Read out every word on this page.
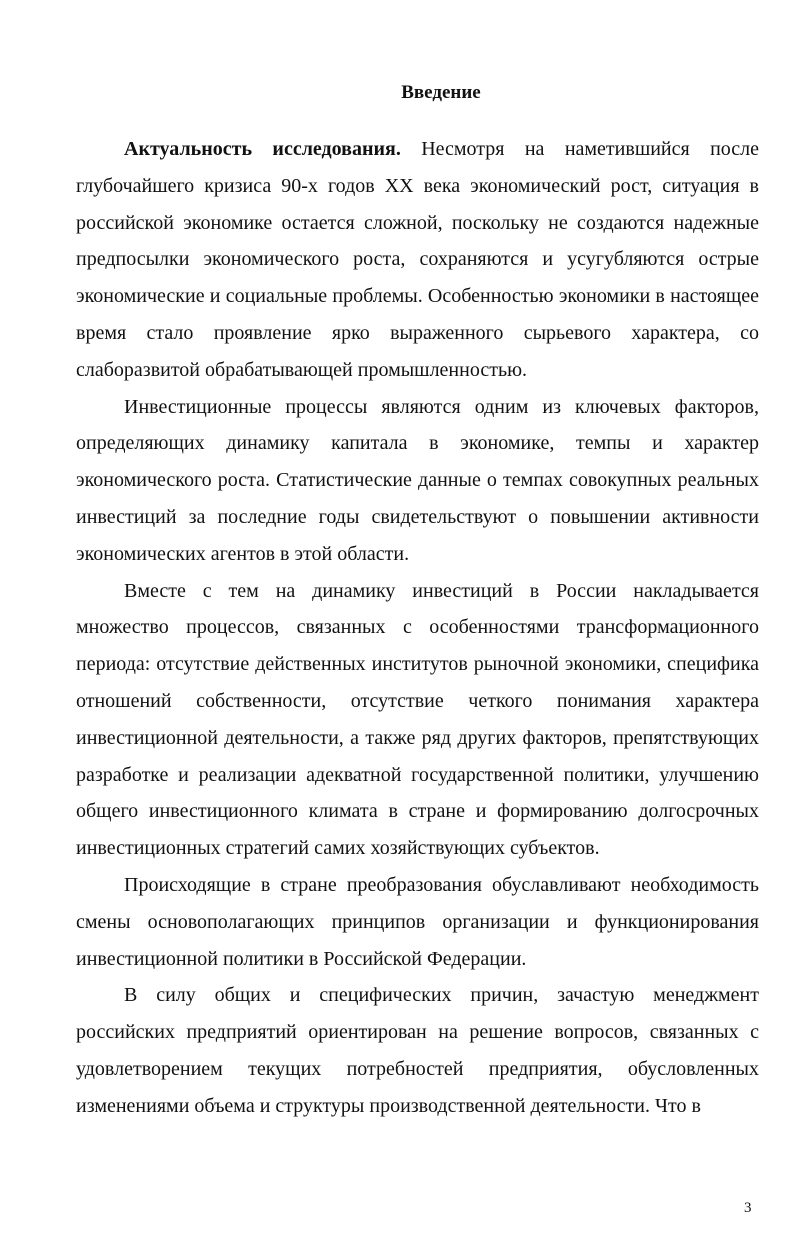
Введение

Актуальность исследования. Несмотря на наметившийся после глубочайшего кризиса 90-х годов XX века экономический рост, ситуация в российской экономике остается сложной, поскольку не создаются надежные предпосылки экономического роста, сохраняются и усугубляются острые экономические и социальные проблемы. Особенностью экономики в настоящее время стало проявление ярко выраженного сырьевого характера, со слаборазвитой обрабатывающей промышленностью.

Инвестиционные процессы являются одним из ключевых факторов, определяющих динамику капитала в экономике, темпы и характер экономического роста. Статистические данные о темпах совокупных реальных инвестиций за последние годы свидетельствуют о повышении активности экономических агентов в этой области.

Вместе с тем на динамику инвестиций в России накладывается множество процессов, связанных с особенностями трансформационного периода: отсутствие действенных институтов рыночной экономики, специфика отношений собственности, отсутствие четкого понимания характера инвестиционной деятельности, а также ряд других факторов, препятствующих разработке и реализации адекватной государственной политики, улучшению общего инвестиционного климата в стране и формированию долгосрочных инвестиционных стратегий самих хозяйствующих субъектов.

Происходящие в стране преобразования обуславливают необходимость смены основополагающих принципов организации и функционирования инвестиционной политики в Российской Федерации.

В силу общих и специфических причин, зачастую менеджмент российских предприятий ориентирован на решение вопросов, связанных с удовлетворением текущих потребностей предприятия, обусловленных изменениями объема и структуры производственной деятельности. Что в

3
